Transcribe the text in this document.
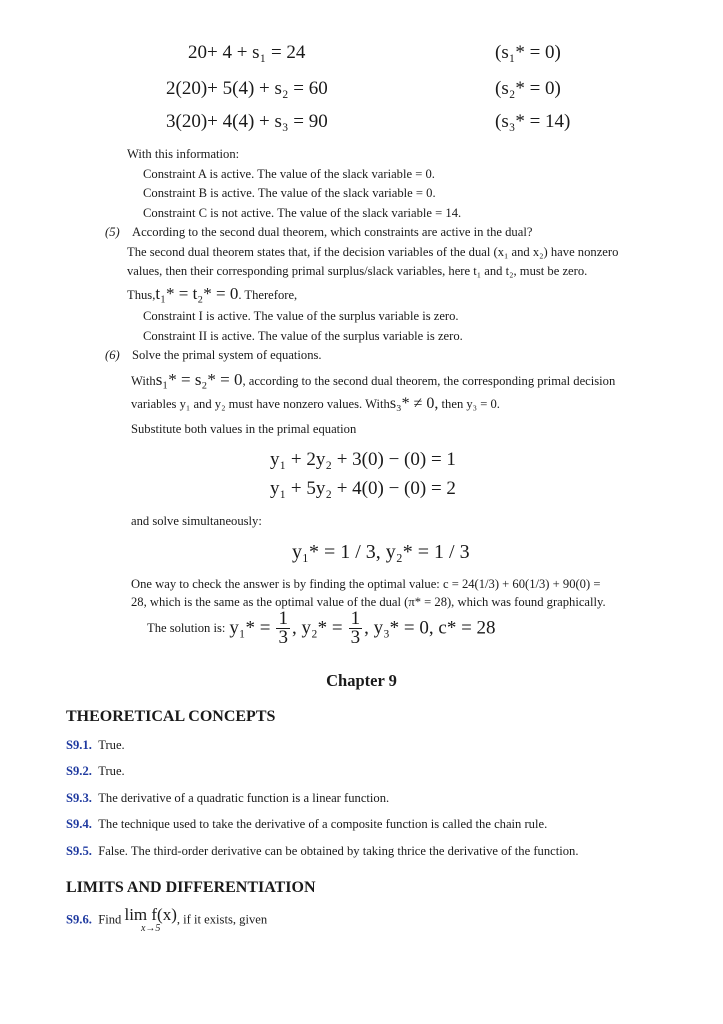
20+ 4 + s₁ = 24	(s₁* = 0)
2(20)+ 5(4) + s₂ = 60	(s₂* = 0)
3(20)+ 4(4) + s₃ = 90	(s₃* = 14)
With this information:
Constraint A is active. The value of the slack variable = 0.
Constraint B is active. The value of the slack variable = 0.
Constraint C is not active. The value of the slack variable = 14.
(5) According to the second dual theorem, which constraints are active in the dual?
The second dual theorem states that, if the decision variables of the dual (x₁ and x₂) have nonzero
values, then their corresponding primal surplus/slack variables, here t₁ and t₂, must be zero.
Thus,t₁* = t₂* = 0. Therefore,
Constraint I is active. The value of the surplus variable is zero.
Constraint II is active. The value of the surplus variable is zero.
(6) Solve the primal system of equations.
Withs₁* = s₂* = 0, according to the second dual theorem, the corresponding primal decision
variables y₁ and y₂ must have nonzero values. Withs₃* ≠ 0, then y₃ = 0.
Substitute both values in the primal equation
y₁ + 2y₂ + 3(0) − (0) = 1
y₁ + 5y₂ + 4(0) − (0) = 2
and solve simultaneously:
y₁* = 1 / 3, y₂* = 1 / 3
One way to check the answer is by finding the optimal value: c = 24(1/3) + 60(1/3) + 90(0) =
28, which is the same as the optimal value of the dual (π* = 28), which was found graphically.
The solution is: $y_1* = \frac{1}{3}$ , $y_2* = \frac{1}{3}$ , y₃* = 0, c* = 28
Chapter 9
THEORETICAL CONCEPTS
S9.1. True.
S9.2. True.
S9.3. The derivative of a quadratic function is a linear function.
S9.4. The technique used to take the derivative of a composite function is called the chain rule.
S9.5. False. The third-order derivative can be obtained by taking thrice the derivative of the function.
LIMITS AND DIFFERENTIATION
S9.6. Find lim f(x)
x→5
, if it exists, given
